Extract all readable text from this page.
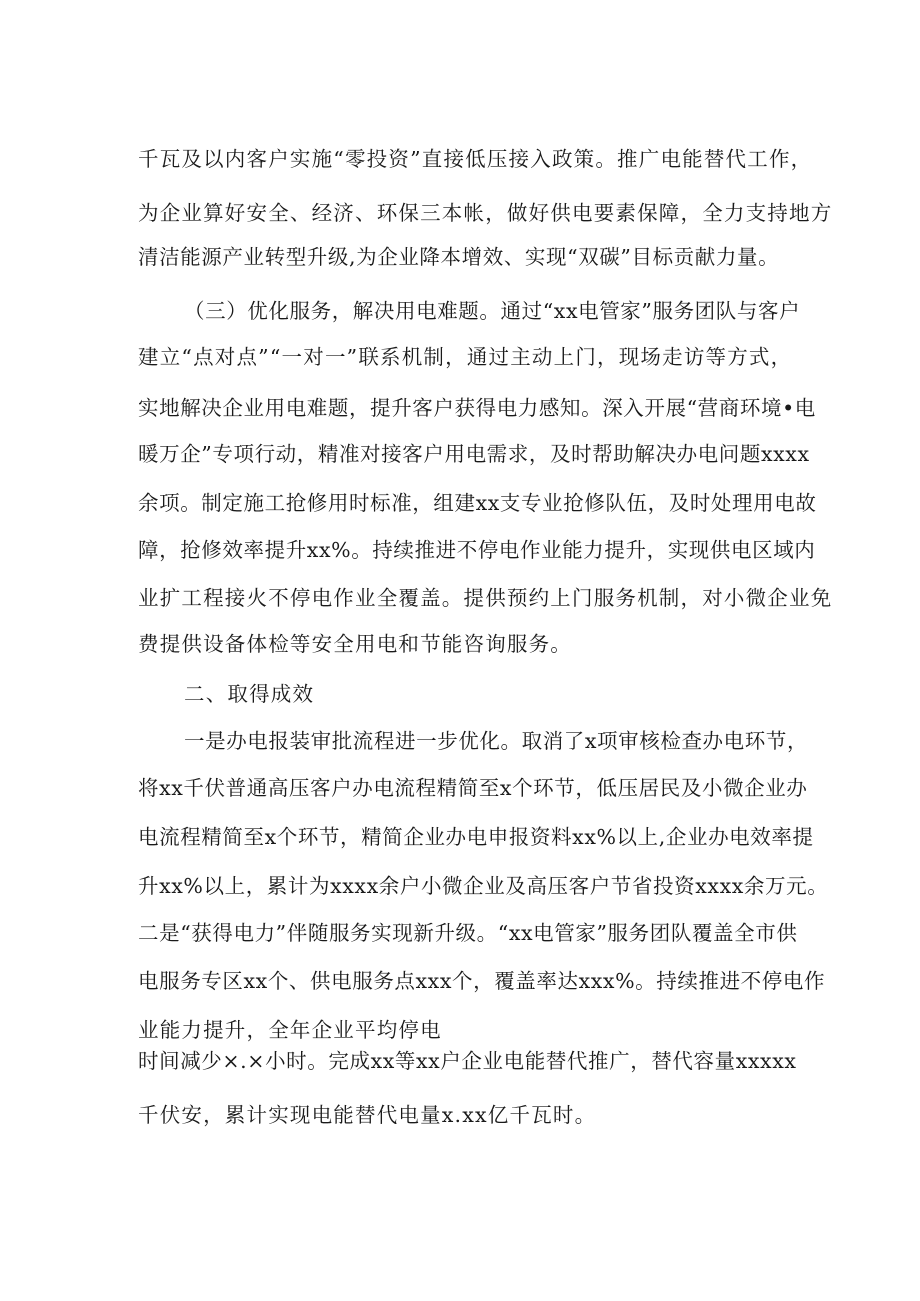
千瓦及以内客户实施“零投资”直接低压接入政策。推广电能替代工作，
为企业算好安全、经济、环保三本帐，做好供电要素保障，全力支持地方
清洁能源产业转型升级,为企业降本增效、实现“双碳”目标贡献力量。
（三）优化服务，解决用电难题。通过“xx电管家”服务团队与客户
建立“点对点”“一对一”联系机制，通过主动上门，现场走访等方式，
实地解决企业用电难题，提升客户获得电力感知。深入开展“营商环境•电
暖万企”专项行动，精准对接客户用电需求，及时帮助解决办电问题xxxx
余项。制定施工抢修用时标准，组建xx支专业抢修队伍，及时处理用电故
障，抢修效率提升xx%。持续推进不停电作业能力提升，实现供电区域内
业扩工程接火不停电作业全覆盖。提供预约上门服务机制，对小微企业免
费提供设备体检等安全用电和节能咨询服务。
二、取得成效
一是办电报装审批流程进一步优化。取消了x项审核检查办电环节，
将xx千伏普通高压客户办电流程精简至x个环节，低压居民及小微企业办
电流程精简至x个环节，精简企业办电申报资料xx%以上,企业办电效率提
升xx%以上，累计为xxxx余户小微企业及高压客户节省投资xxxx余万元。
二是“获得电力”伴随服务实现新升级。“xx电管家”服务团队覆盖全市供
电服务专区xx个、供电服务点xxx个，覆盖率达xxx%。持续推进不停电作
业能力提升，全年企业平均停电
时间减少×.×小时。完成xx等xx户企业电能替代推广，替代容量xxxxx
千伏安，累计实现电能替代电量x.xx亿千瓦时。
